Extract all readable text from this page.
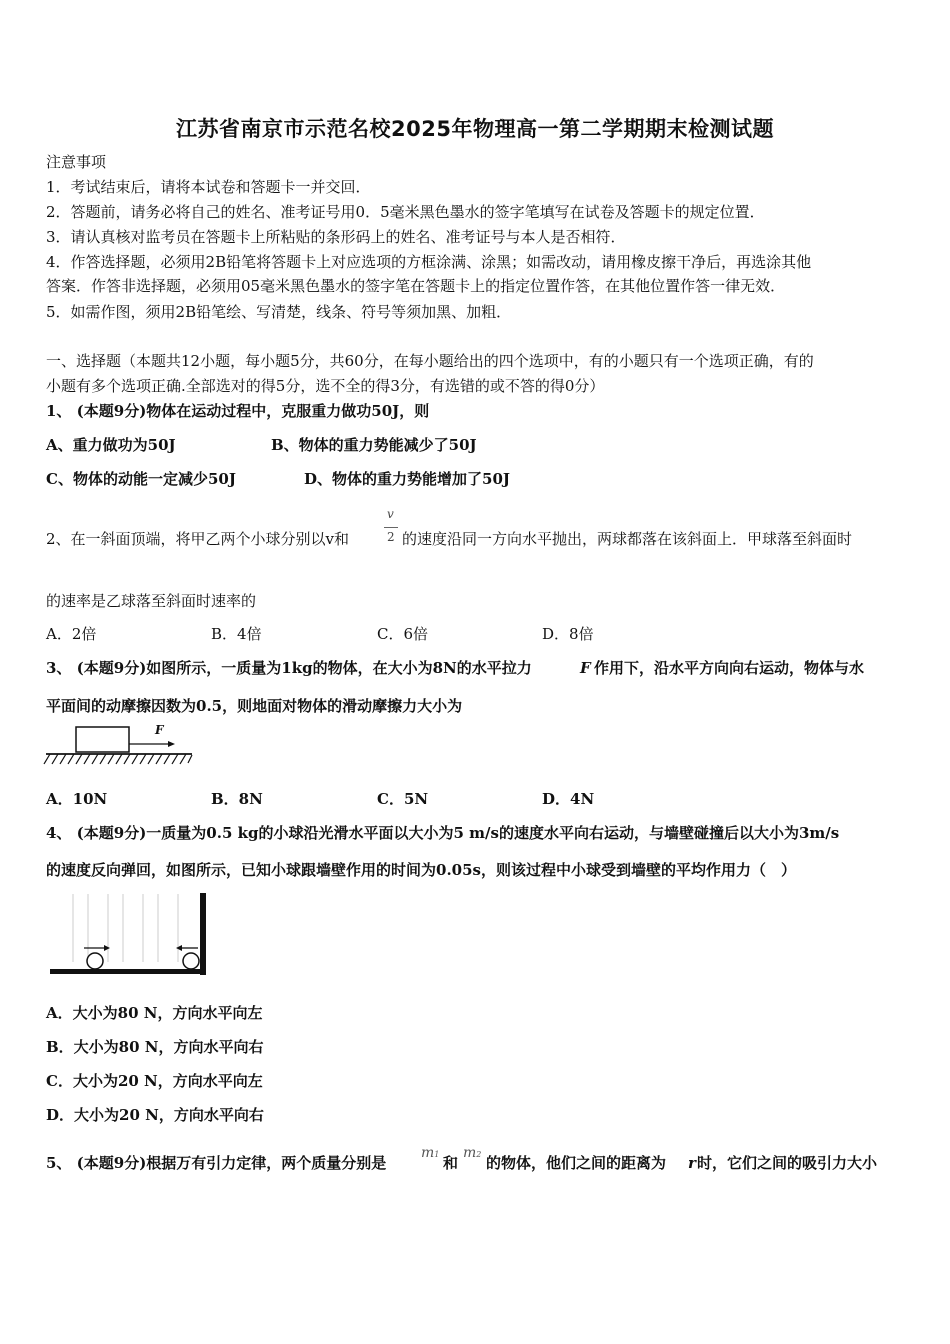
江苏省南京市示范名校2025年物理高一第二学期期末检测试题
注意事项
1．考试结束后，请将本试卷和答题卡一并交回．
2．答题前，请务必将自己的姓名、准考证号用0．5毫米黑色墨水的签字笔填写在试卷及答题卡的规定位置．
3．请认真核对监考员在答题卡上所粘贴的条形码上的姓名、准考证号与本人是否相符．
4．作答选择题，必须用2B铅笔将答题卡上对应选项的方框涂满、涂黑；如需改动，请用橡皮擦干净后，再选涂其他
答案．作答非选择题，必须用05毫米黑色墨水的签字笔在答题卡上的指定位置作答，在其他位置作答一律无效．
5．如需作图，须用2B铅笔绘、写清楚，线条、符号等须加黑、加粗．
一、选择题（本题共12小题，每小题5分，共60分，在每小题给出的四个选项中，有的小题只有一个选项正确，有的
小题有多个选项正确.全部选对的得5分，选不全的得3分，有选错的或不答的得0分）
1、 (本题9分)物体在运动过程中，克服重力做功50J，则
A、重力做功为50J	B、物体的重力势能减少了50J
C、物体的动能一定减少50J	D、物体的重力势能增加了50J
2、在一斜面顶端，将甲乙两个小球分别以v和
v
2 的速度沿同一方向水平抛出，两球都落在该斜面上．甲球落至斜面时
的速率是乙球落至斜面时速率的
A．2倍	B．4倍	C．6倍	D．8倍
3、 (本题9分)如图所示，一质量为1kg的物体，在大小为8N的水平拉力	F 作用下，沿水平方向向右运动，物体与水
平面间的动摩擦因数为0.5，则地面对物体的滑动摩擦力大小为
F
A．10N	B．8N	C．5N	D．4N
4、 (本题9分)一质量为0.5 kg的小球沿光滑水平面以大小为5 m/s的速度水平向右运动，与墙壁碰撞后以大小为3m/s
的速度反向弹回，如图所示，已知小球跟墙壁作用的时间为0.05s，则该过程中小球受到墙壁的平均作用力（　）
A．大小为80 N，方向水平向左
B．大小为80 N，方向水平向右
C．大小为20 N，方向水平向左
D．大小为20 N，方向水平向右
5、 (本题9分)根据万有引力定律，两个质量分别是
m1 和
m2 的物体，他们之间的距离为 r 时，它们之间的吸引力大小
